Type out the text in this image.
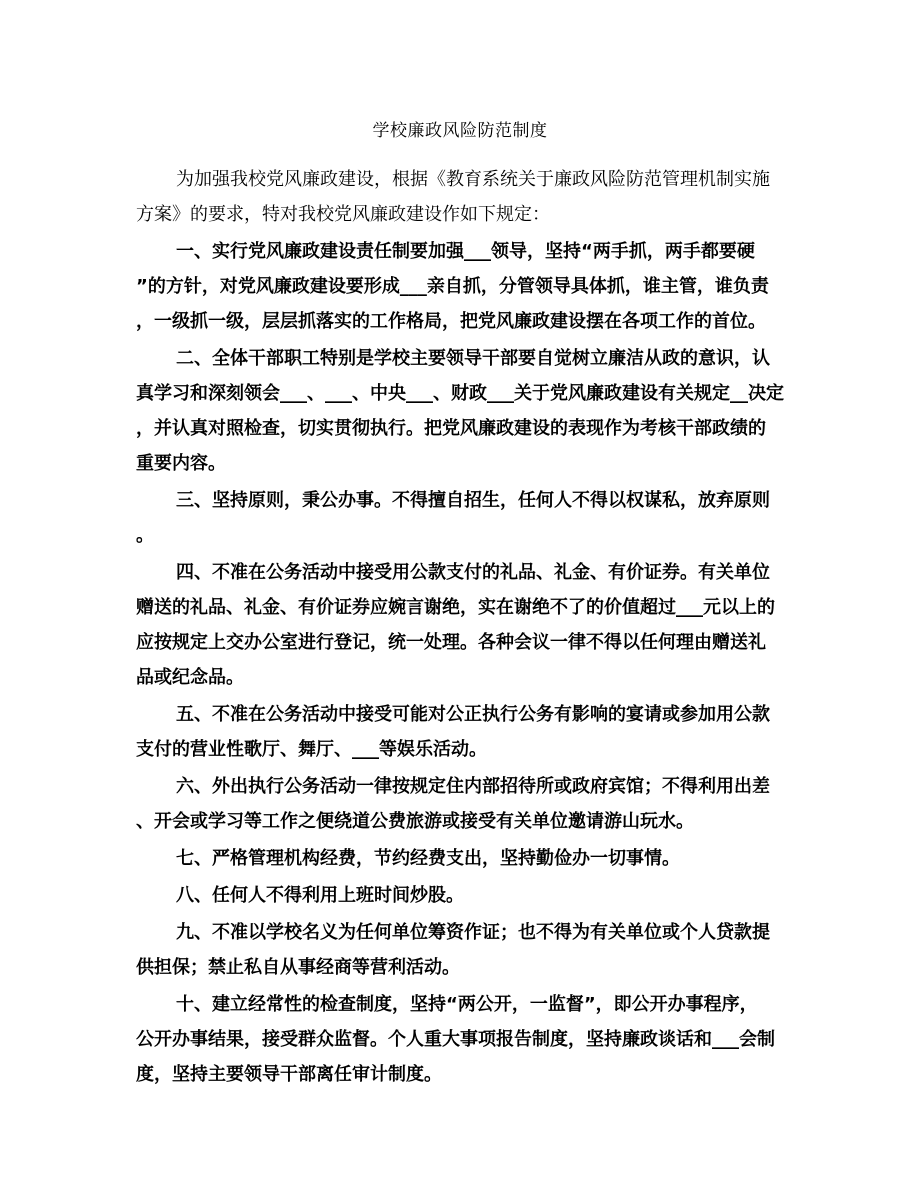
学校廉政风险防范制度

为加强我校党风廉政建设，根据《教育系统关于廉政风险防范管理机制实施
方案》的要求，特对我校党风廉政建设作如下规定：

一、实行党风廉政建设责任制要加强___领导，坚持“两手抓，两手都要硬
”的方针，对党风廉政建设要形成___亲自抓，分管领导具体抓，谁主管，谁负责
，一级抓一级，层层抓落实的工作格局，把党风廉政建设摆在各项工作的首位。

二、全体干部职工特别是学校主要领导干部要自觉树立廉洁从政的意识，认
真学习和深刻领会___、___、中央___、财政___关于党风廉政建设有关规定__决定
，并认真对照检查，切实贯彻执行。把党风廉政建设的表现作为考核干部政绩的
重要内容。

三、坚持原则，秉公办事。不得擅自招生，任何人不得以权谋私，放弃原则
。

四、不准在公务活动中接受用公款支付的礼品、礼金、有价证券。有关单位
赠送的礼品、礼金、有价证券应婉言谢绝，实在谢绝不了的价值超过___元以上的
应按规定上交办公室进行登记，统一处理。各种会议一律不得以任何理由赠送礼
品或纪念品。

五、不准在公务活动中接受可能对公正执行公务有影响的宴请或参加用公款
支付的营业性歌厅、舞厅、___等娱乐活动。

六、外出执行公务活动一律按规定住内部招待所或政府宾馆；不得利用出差
、开会或学习等工作之便绕道公费旅游或接受有关单位邀请游山玩水。

七、严格管理机构经费，节约经费支出，坚持勤俭办一切事情。

八、任何人不得利用上班时间炒股。

九、不准以学校名义为任何单位筹资作证；也不得为有关单位或个人贷款提
供担保；禁止私自从事经商等营利活动。

十、建立经常性的检查制度，坚持“两公开，一监督”，即公开办事程序，
公开办事结果，接受群众监督。个人重大事项报告制度，坚持廉政谈话和___会制
度，坚持主要领导干部离任审计制度。
